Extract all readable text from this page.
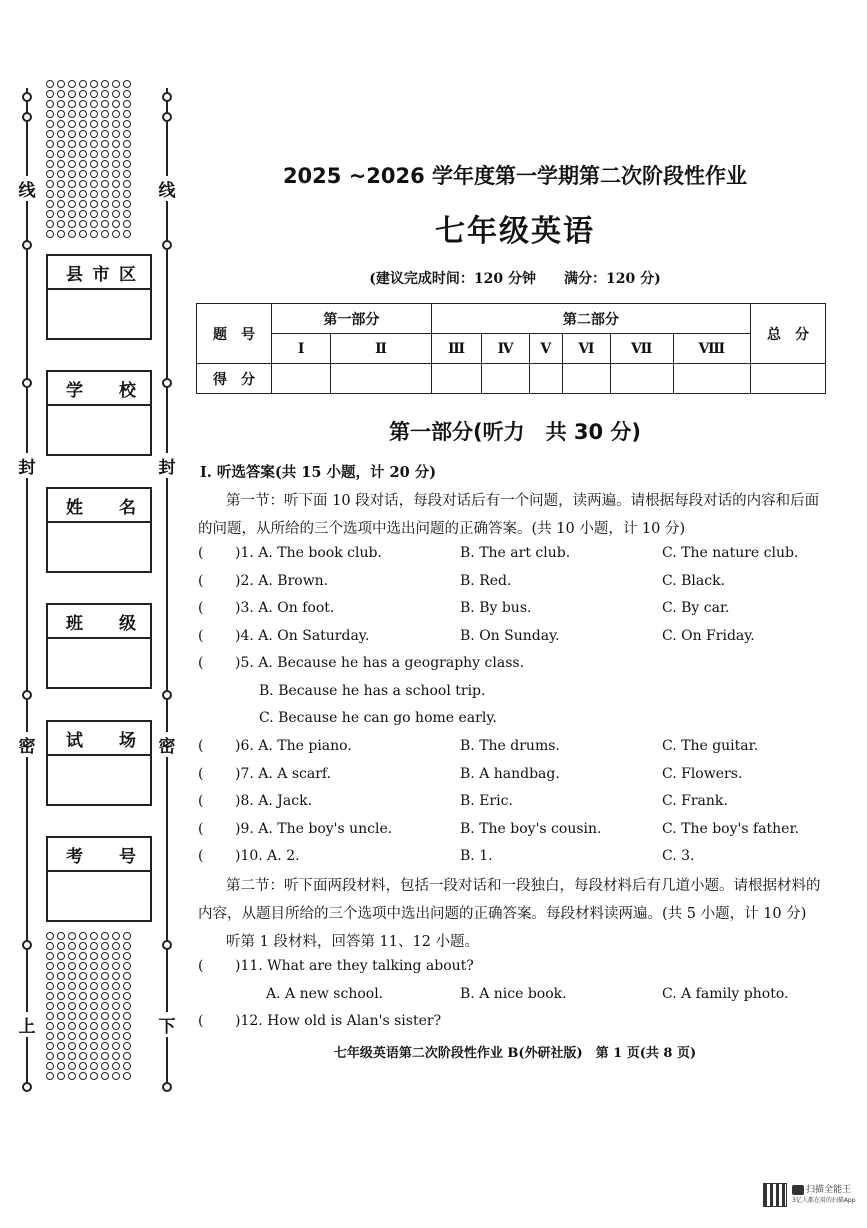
线
封
密
上
线
封
密
下
县 市 区
学 校
姓 名
班 级
试 场
考 号
2025 ~2026 学年度第一学期第二次阶段性作业
七年级英语
(建议完成时间：120 分钟　　满分：120 分)
题　号	第一部分		第二部分						总　分
	Ⅰ	Ⅱ	Ⅲ	Ⅳ	Ⅴ	Ⅵ	Ⅶ	Ⅷ	
得　分									
第一部分(听力　共 30 分)
Ⅰ. 听选答案(共 15 小题，计 20 分)
第一节：听下面 10 段对话，每段对话后有一个问题，读两遍。请根据每段对话的内容和后面
的问题，从所给的三个选项中选出问题的正确答案。(共 10 小题，计 10 分)
( )1. A. The book club.	B. The art club.	C. The nature club.
( )2. A. Brown.	B. Red.	C. Black.
( )3. A. On foot.	B. By bus.	C. By car.
( )4. A. On Saturday.	B. On Sunday.	C. On Friday.
( )5. A. Because he has a geography class.
B. Because he has a school trip.
C. Because he can go home early.
( )6. A. The piano.	B. The drums.	C. The guitar.
( )7. A. A scarf.	B. A handbag.	C. Flowers.
( )8. A. Jack.	B. Eric.	C. Frank.
( )9. A. The boy's uncle.	B. The boy's cousin.	C. The boy's father.
( )10. A. 2.	B. 1.	C. 3.
第二节：听下面两段材料，包括一段对话和一段独白，每段材料后有几道小题。请根据材料的
内容，从题目所给的三个选项中选出问题的正确答案。每段材料读两遍。(共 5 小题，计 10 分)
听第 1 段材料，回答第 11、12 小题。
( )11. What are they talking about?
A. A new school.	B. A nice book.	C. A family photo.
( )12. How old is Alan's sister?
七年级英语第二次阶段性作业 B(外研社版)　第 1 页(共 8 页)
扫描全能王
3亿人都在用的扫描App
